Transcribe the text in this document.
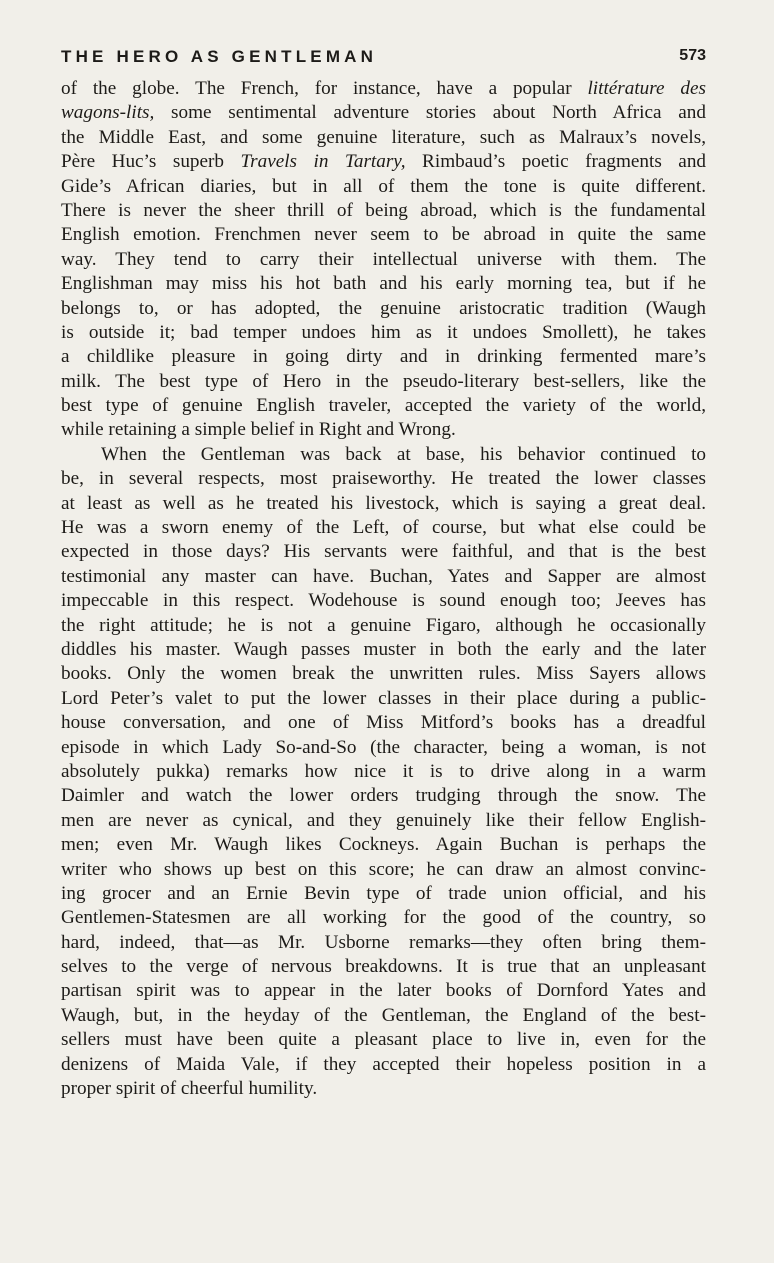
THE HERO AS GENTLEMAN	573
of the globe. The French, for instance, have a popular littérature des
wagons-lits, some sentimental adventure stories about North Africa and
the Middle East, and some genuine literature, such as Malraux’s novels,
Père Huc’s superb Travels in Tartary, Rimbaud’s poetic fragments and
Gide’s African diaries, but in all of them the tone is quite different.
There is never the sheer thrill of being abroad, which is the fundamental
English emotion. Frenchmen never seem to be abroad in quite the same
way. They tend to carry their intellectual universe with them. The
Englishman may miss his hot bath and his early morning tea, but if he
belongs to, or has adopted, the genuine aristocratic tradition (Waugh
is outside it; bad temper undoes him as it undoes Smollett), he takes
a childlike pleasure in going dirty and in drinking fermented mare’s
milk. The best type of Hero in the pseudo-literary best-sellers, like the
best type of genuine English traveler, accepted the variety of the world,
while retaining a simple belief in Right and Wrong.
When the Gentleman was back at base, his behavior continued to
be, in several respects, most praiseworthy. He treated the lower classes
at least as well as he treated his livestock, which is saying a great deal.
He was a sworn enemy of the Left, of course, but what else could be
expected in those days? His servants were faithful, and that is the best
testimonial any master can have. Buchan, Yates and Sapper are almost
impeccable in this respect. Wodehouse is sound enough too; Jeeves has
the right attitude; he is not a genuine Figaro, although he occasionally
diddles his master. Waugh passes muster in both the early and the later
books. Only the women break the unwritten rules. Miss Sayers allows
Lord Peter’s valet to put the lower classes in their place during a public-
house conversation, and one of Miss Mitford’s books has a dreadful
episode in which Lady So-and-So (the character, being a woman, is not
absolutely pukka) remarks how nice it is to drive along in a warm
Daimler and watch the lower orders trudging through the snow. The
men are never as cynical, and they genuinely like their fellow English-
men; even Mr. Waugh likes Cockneys. Again Buchan is perhaps the
writer who shows up best on this score; he can draw an almost convinc-
ing grocer and an Ernie Bevin type of trade union official, and his
Gentlemen-Statesmen are all working for the good of the country, so
hard, indeed, that—as Mr. Usborne remarks—they often bring them-
selves to the verge of nervous breakdowns. It is true that an unpleasant
partisan spirit was to appear in the later books of Dornford Yates and
Waugh, but, in the heyday of the Gentleman, the England of the best-
sellers must have been quite a pleasant place to live in, even for the
denizens of Maida Vale, if they accepted their hopeless position in a
proper spirit of cheerful humility.
